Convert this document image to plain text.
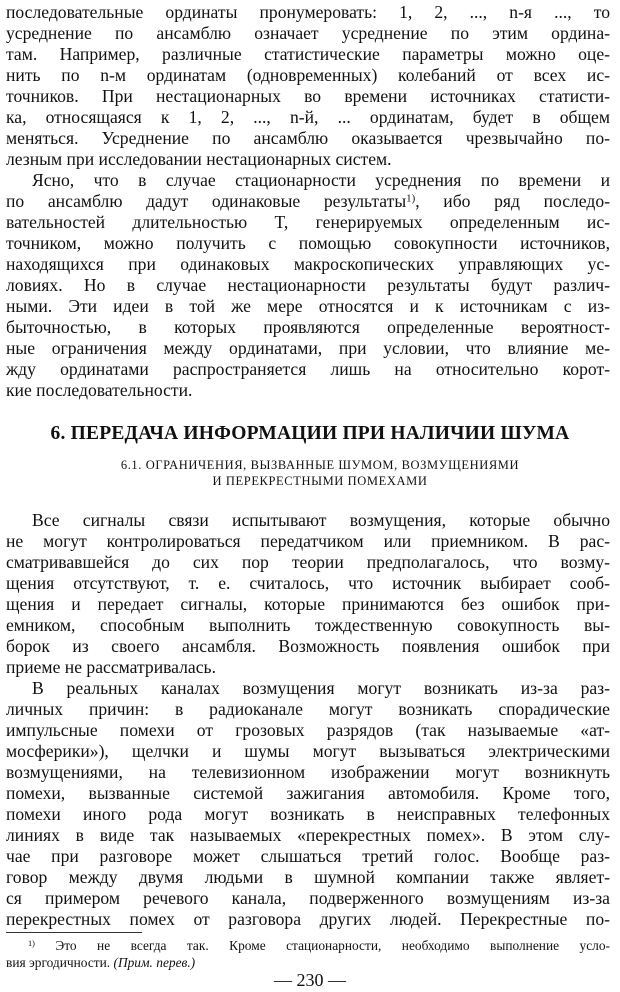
последовательные ординаты пронумеровать: 1, 2, ..., n-я ..., то
усреднение по ансамблю означает усреднение по этим ордина-
там. Например, различные статистические параметры можно оце-
нить по n-м ординатам (одновременных) колебаний от всех ис-
точников. При нестационарных во времени источниках статисти-
ка, относящаяся к 1, 2, ..., n-й, ... ординатам, будет в общем
меняться. Усреднение по ансамблю оказывается чрезвычайно по-
лезным при исследовании нестационарных систем.
Ясно, что в случае стационарности усреднения по времени и
по ансамблю дадут одинаковые результаты$^{1)}$, ибо ряд последо-
вательностей длительностью T, генерируемых определенным ис-
точником, можно получить с помощью совокупности источников,
находящихся при одинаковых макроскопических управляющих ус-
ловиях. Но в случае нестационарности результаты будут различ-
ными. Эти идеи в той же мере относятся и к источникам с из-
быточностью, в которых проявляются определенные вероятност-
ные ограничения между ординатами, при условии, что влияние ме-
жду ординатами распространяется лишь на относительно корот-
кие последовательности.
6. ПЕРЕДАЧА ИНФОРМАЦИИ ПРИ НАЛИЧИИ ШУМА
6.1. ОГРАНИЧЕНИЯ, ВЫЗВАННЫЕ ШУМОМ, ВОЗМУЩЕНИЯМИ
И ПЕРЕКРЕСТНЫМИ ПОМЕХАМИ
Все сигналы связи испытывают возмущения, которые обычно
не могут контролироваться передатчиком или приемником. В рас-
сматривавшейся до сих пор теории предполагалось, что возму-
щения отсутствуют, т. е. считалось, что источник выбирает сооб-
щения и передает сигналы, которые принимаются без ошибок при-
емником, способным выполнить тождественную совокупность вы-
борок из своего ансамбля. Возможность появления ошибок при
приеме не рассматривалась.
В реальных каналах возмущения могут возникать из-за раз-
личных причин: в радиоканале могут возникать спорадические
импульсные помехи от грозовых разрядов (так называемые «ат-
мосферики»), щелчки и шумы могут вызываться электрическими
возмущениями, на телевизионном изображении могут возникнуть
помехи, вызванные системой зажигания автомобиля. Кроме того,
помехи иного рода могут возникать в неисправных телефонных
линиях в виде так называемых «перекрестных помех». В этом слу-
чае при разговоре может слышаться третий голос. Вообще раз-
говор между двумя людьми в шумной компании также являет-
ся примером речевого канала, подверженного возмущениям из-за
перекрестных помех от разговора других людей. Перекрестные по-
$^{1)}$ Это не всегда так. Кроме стационарности, необходимо выполнение усло-
вия эргодичности. (Прим. перев.)
— 230 —
